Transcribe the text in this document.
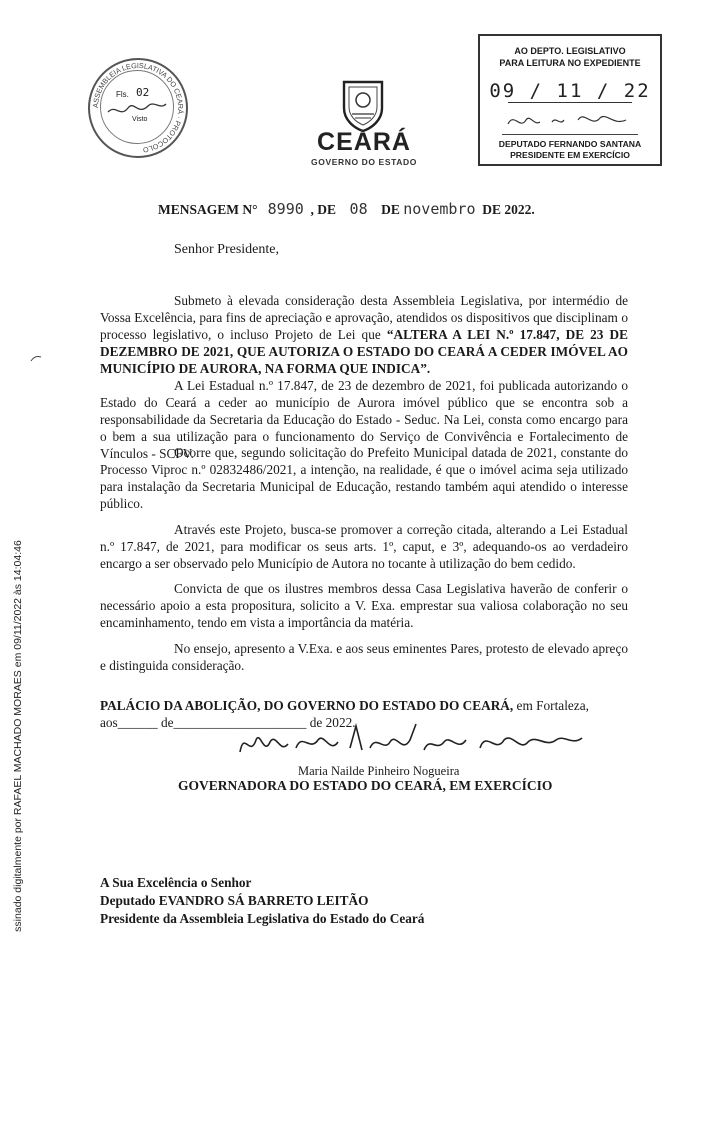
ASSEMBLEIA LEGISLATIVA DO CEARÁ · PROTOCOLO
Fls. 02
Visto
CEARÁ
GOVERNO DO ESTADO
AO DEPTO. LEGISLATIVO
PARA LEITURA NO EXPEDIENTE
09 / 11 / 22
DEPUTADO FERNANDO SANTANA
PRESIDENTE EM EXERCÍCIO
MENSAGEM N° 8990 , DE 08 DE novembro DE 2022.
Senhor Presidente,
Submeto à elevada consideração desta Assembleia Legislativa, por intermédio de Vossa Excelência, para fins de apreciação e aprovação, atendidos os dispositivos que disciplinam o processo legislativo, o incluso Projeto de Lei que “ALTERA A LEI N.º 17.847, DE 23 DE DEZEMBRO DE 2021, QUE AUTORIZA O ESTADO DO CEARÁ A CEDER IMÓVEL AO MUNICÍPIO DE AURORA, NA FORMA QUE INDICA”.
A Lei Estadual n.º 17.847, de 23 de dezembro de 2021, foi publicada autorizando o Estado do Ceará a ceder ao município de Aurora imóvel público que se encontra sob a responsabilidade da Secretaria da Educação do Estado - Seduc. Na Lei, consta como encargo para o bem a sua utilização para o funcionamento do Serviço de Convivência e Fortalecimento de Vínculos - SCFV.
Ocorre que, segundo solicitação do Prefeito Municipal datada de 2021, constante do Processo Viproc n.º 02832486/2021, a intenção, na realidade, é que o imóvel acima seja utilizado para instalação da Secretaria Municipal de Educação, restando também aqui atendido o interesse público.
Através este Projeto, busca-se promover a correção citada, alterando a Lei Estadual n.º 17.847, de 2021, para modificar os seus arts. 1º, caput, e 3º, adequando-os ao verdadeiro encargo a ser observado pelo Município de Autora no tocante à utilização do bem cedido.
Convicta de que os ilustres membros dessa Casa Legislativa haverão de conferir o necessário apoio a esta propositura, solicito a V. Exa. emprestar sua valiosa colaboração no seu encaminhamento, tendo em vista a importância da matéria.
No ensejo, apresento a V.Exa. e aos seus eminentes Pares, protesto de elevado apreço e distinguida consideração.
PALÁCIO DA ABOLIÇÃO, DO GOVERNO DO ESTADO DO CEARÁ, em Fortaleza,
aos______ de____________________ de 2022.
Maria Nailde Pinheiro Nogueira
GOVERNADORA DO ESTADO DO CEARÁ, EM EXERCÍCIO
A Sua Excelência o Senhor
Deputado EVANDRO SÁ BARRETO LEITÃO
Presidente da Assembleia Legislativa do Estado do Ceará
ssinado digitalmente por RAFAEL MACHADO MORAES em 09/11/2022 às 14:04:46
